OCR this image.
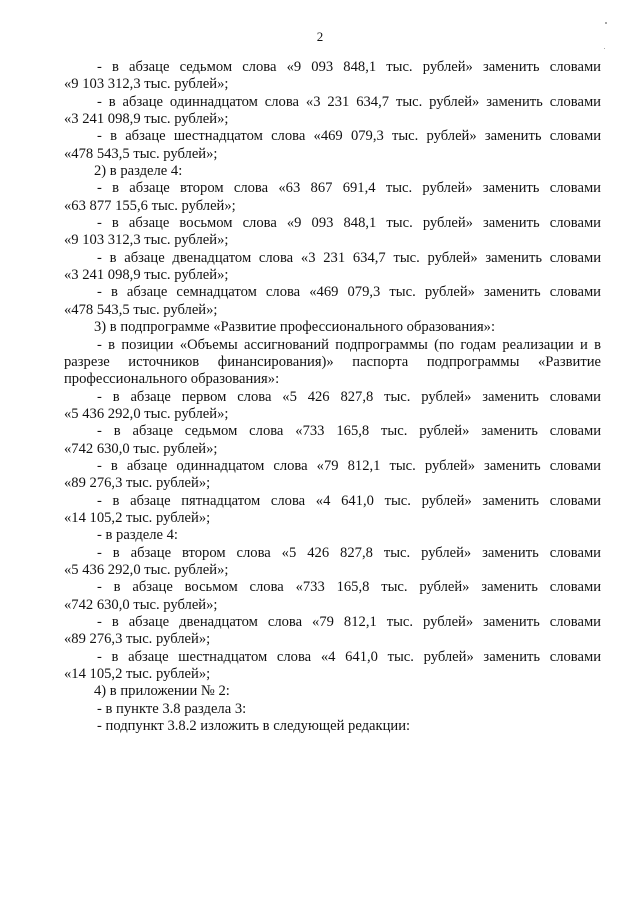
2
- в абзаце седьмом слова «9 093 848,1 тыс. рублей» заменить словами
«9 103 312,3 тыс. рублей»;
- в абзаце одиннадцатом слова «3 231 634,7 тыс. рублей» заменить словами
«3 241 098,9 тыс. рублей»;
- в абзаце шестнадцатом слова «469 079,3 тыс. рублей» заменить словами
«478 543,5 тыс. рублей»;
2) в разделе 4:
- в абзаце втором слова «63 867 691,4 тыс. рублей» заменить словами
«63 877 155,6 тыс. рублей»;
- в абзаце восьмом слова «9 093 848,1 тыс. рублей» заменить словами
«9 103 312,3 тыс. рублей»;
- в абзаце двенадцатом слова «3 231 634,7 тыс. рублей» заменить словами
«3 241 098,9 тыс. рублей»;
- в абзаце семнадцатом слова «469 079,3 тыс. рублей» заменить словами
«478 543,5 тыс. рублей»;
3) в подпрограмме «Развитие профессионального образования»:
- в позиции «Объемы ассигнований подпрограммы (по годам реализации и в
разрезе источников финансирования)» паспорта подпрограммы «Развитие
профессионального образования»:
- в абзаце первом слова «5 426 827,8 тыс. рублей» заменить словами
«5 436 292,0 тыс. рублей»;
- в абзаце седьмом слова «733 165,8 тыс. рублей» заменить словами
«742 630,0 тыс. рублей»;
- в абзаце одиннадцатом слова «79 812,1 тыс. рублей» заменить словами
«89 276,3 тыс. рублей»;
- в абзаце пятнадцатом слова «4 641,0 тыс. рублей» заменить словами
«14 105,2 тыс. рублей»;
- в разделе 4:
- в абзаце втором слова «5 426 827,8 тыс. рублей» заменить словами
«5 436 292,0 тыс. рублей»;
- в абзаце восьмом слова «733 165,8 тыс. рублей» заменить словами
«742 630,0 тыс. рублей»;
- в абзаце двенадцатом слова «79 812,1 тыс. рублей» заменить словами
«89 276,3 тыс. рублей»;
- в абзаце шестнадцатом слова «4 641,0 тыс. рублей» заменить словами
«14 105,2 тыс. рублей»;
4) в приложении № 2:
- в пункте 3.8 раздела 3:
- подпункт 3.8.2 изложить в следующей редакции:
